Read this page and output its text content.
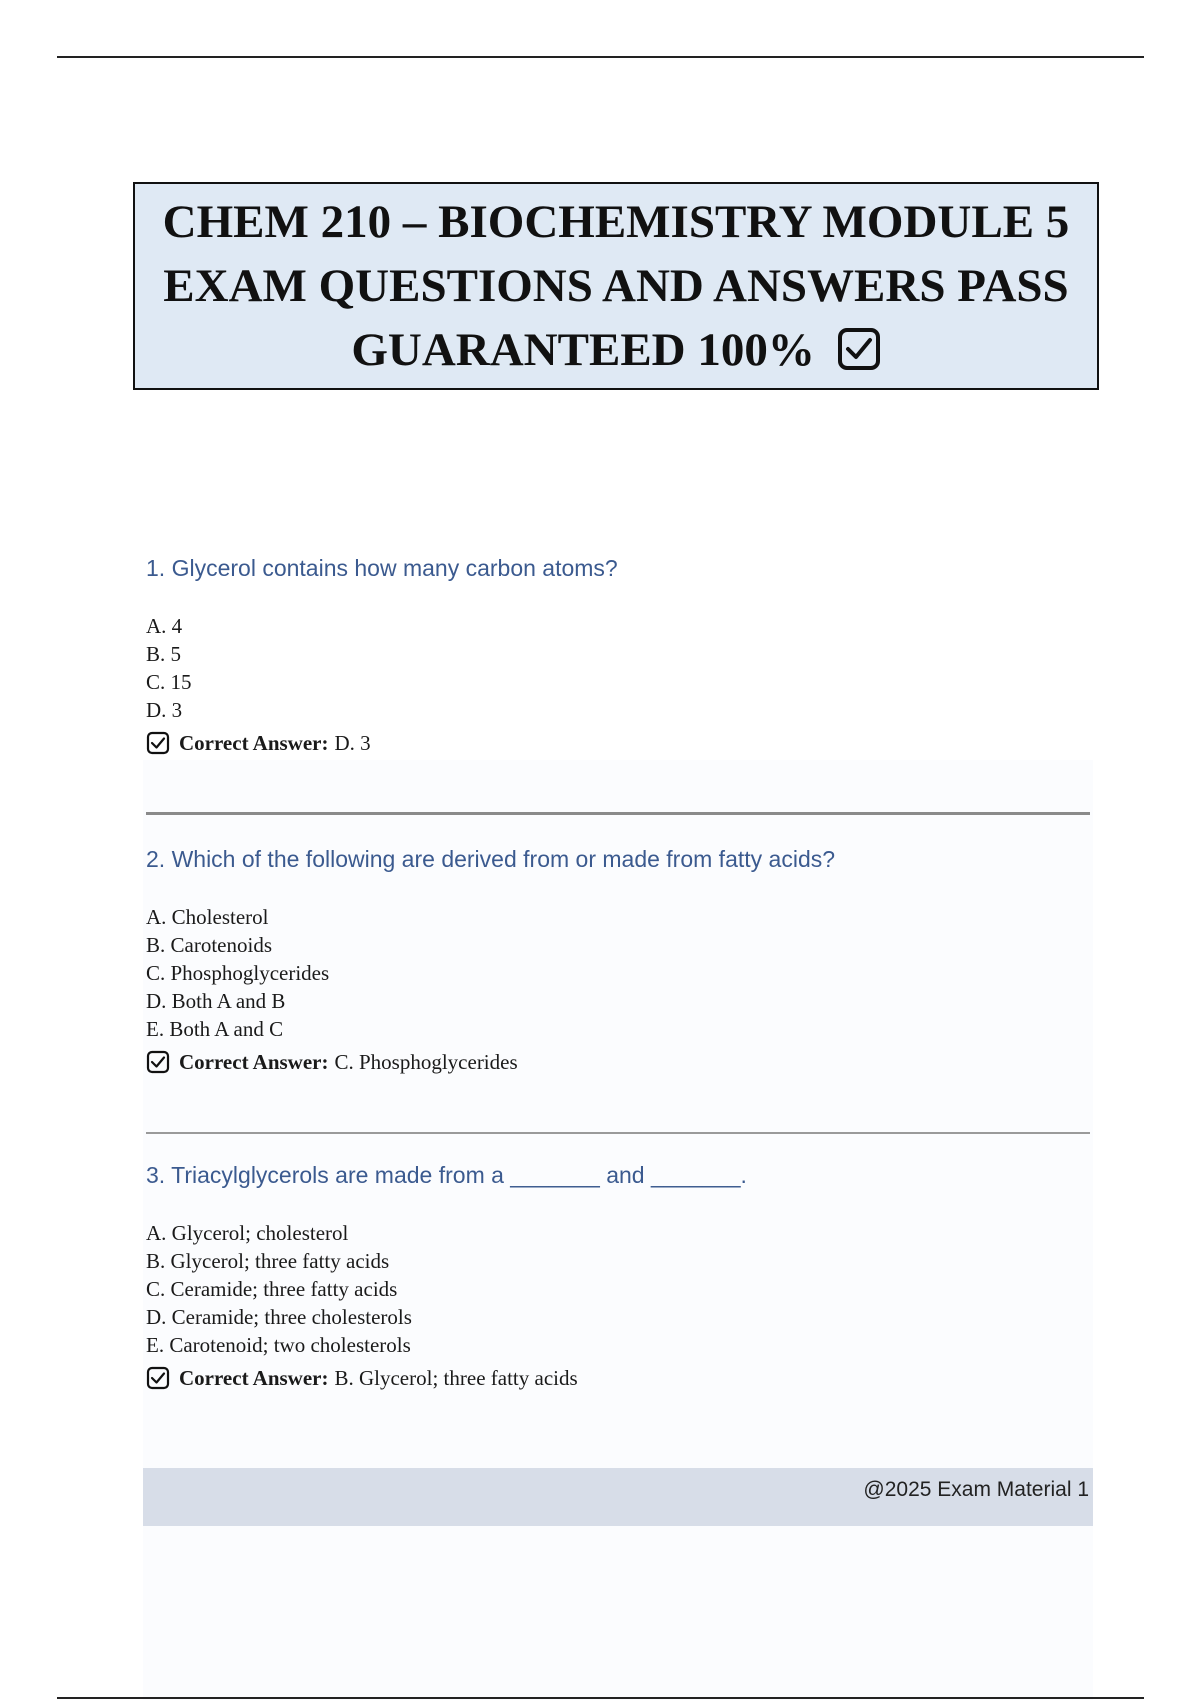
CHEM 210 – BIOCHEMISTRY MODULE 5
EXAM QUESTIONS AND ANSWERS PASS
GUARANTEED 100%

1. Glycerol contains how many carbon atoms?

A. 4
B. 5
C. 15
D. 3
Correct Answer: D. 3

2. Which of the following are derived from or made from fatty acids?

A. Cholesterol
B. Carotenoids
C. Phosphoglycerides
D. Both A and B
E. Both A and C
Correct Answer: C. Phosphoglycerides

3. Triacylglycerols are made from a _______ and _______.

A. Glycerol; cholesterol
B. Glycerol; three fatty acids
C. Ceramide; three fatty acids
D. Ceramide; three cholesterols
E. Carotenoid; two cholesterols
Correct Answer: B. Glycerol; three fatty acids
@2025 Exam Material 1
